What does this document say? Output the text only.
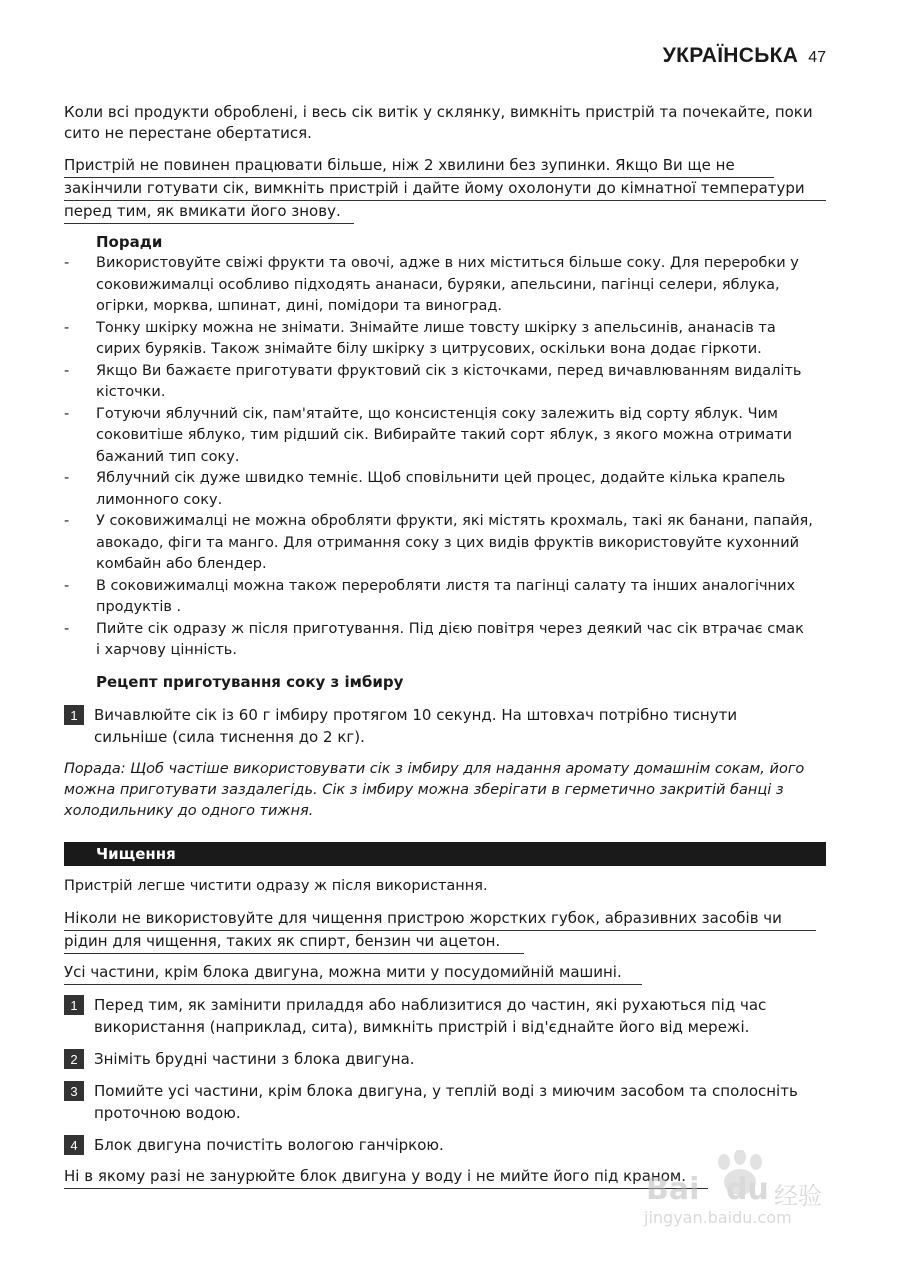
УКРАЇНСЬКА 47

Коли всі продукти оброблені, і весь сік витік у склянку, вимкніть пристрій та почекайте, поки

сито не перестане обертатися.

Пристрій не повинен працювати більше, ніж 2 хвилини без зупинки. Якщо Ви ще не

закінчили готувати сік, вимкніть пристрій і дайте йому охолонути до кімнатної температури

перед тим, як вмикати його знову.

Поради

- Використовуйте свіжі фрукти та овочі, адже в них міститься більше соку. Для переробки у
соковижималці особливо підходять ананаси, буряки, апельсини, пагінці селери, яблука,
огірки, морква, шпинат, дині, помідори та виноград.
- Тонку шкірку можна не знімати. Знімайте лише товсту шкірку з апельсинів, ананасів та
сирих буряків. Також знімайте білу шкірку з цитрусових, оскільки вона додає гіркоти.
- Якщо Ви бажаєте приготувати фруктовий сік з кісточками, перед вичавлюванням видаліть
кісточки.
- Готуючи яблучний сік, пам'ятайте, що консистенція соку залежить від сорту яблук. Чим
соковитіше яблуко, тим рідший сік. Вибирайте такий сорт яблук, з якого можна отримати
бажаний тип соку.
- Яблучний сік дуже швидко темніє. Щоб сповільнити цей процес, додайте кілька крапель
лимонного соку.
- У соковижималці не можна обробляти фрукти, які містять крохмаль, такі як банани, папайя,
авокадо, фіги та манго. Для отримання соку з цих видів фруктів використовуйте кухонний
комбайн або блендер.
- В соковижималці можна також переробляти листя та пагінці салату та інших аналогічних
продуктів .
- Пийте сік одразу ж після приготування. Під дією повітря через деякий час сік втрачає смак
і харчову цінність.

Рецепт приготування соку з імбиру

1	Вичавлюйте сік із 60 г імбиру протягом 10 секунд. На штовхач потрібно тиснути

сильніше (сила тиснення до 2 кг).

Порада: Щоб частіше використовувати сік з імбиру для надання аромату домашнім сокам, його

можна приготувати заздалегідь. Сік з імбиру можна зберігати в герметично закритій банці з

холодильнику до одного тижня.

Чищення

Пристрій легше чистити одразу ж після використання.

Ніколи не використовуйте для чищення пристрою жорстких губок, абразивних засобів чи

рідин для чищення, таких як спирт, бензин чи ацетон.

Усі частини, крім блока двигуна, можна мити у посудомийній машині.

1	Перед тим, як замінити приладдя або наблизитися до частин, які рухаються під час

використання (наприклад, сита), вимкніть пристрій і від'єднайте його від мережі.

2	Зніміть брудні частини з блока двигуна.

3	Помийте усі частини, крім блока двигуна, у теплій воді з миючим засобом та сполосніть

проточною водою.

4	Блок двигуна почистіть вологою ганчіркою.

Ні в якому разі не занурюйте блок двигуна у воду і не мийте його під краном.

Bai du 经验
jingyan.baidu.com
